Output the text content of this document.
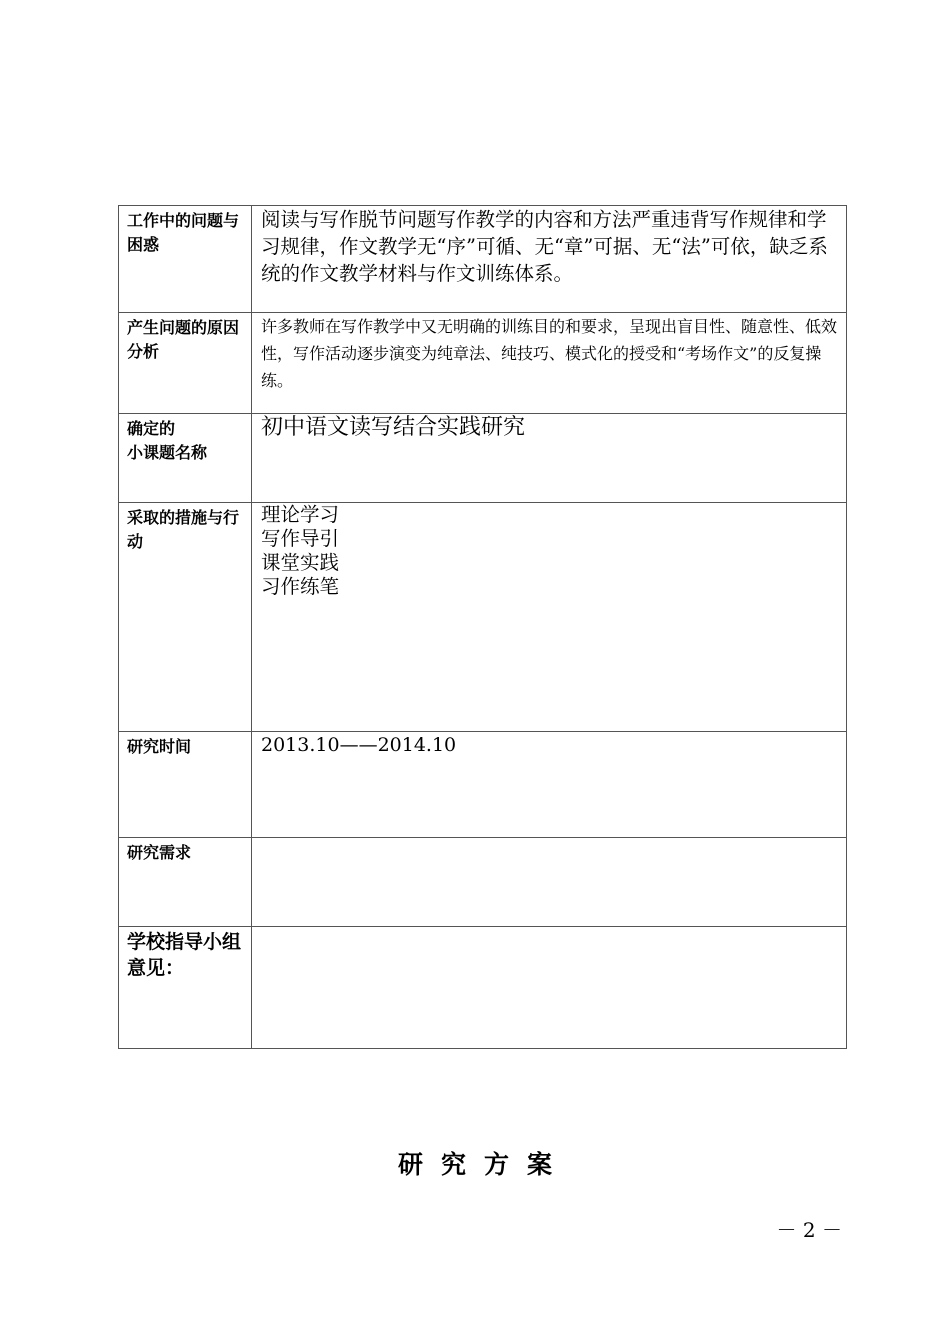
工作中的问题与困惑	阅读与写作脱节问题写作教学的内容和方法严重违背写作规律和学习规律，作文教学无“序”可循、无“章”可据、无“法”可依，缺乏系统的作文教学材料与作文训练体系。
产生问题的原因分析	许多教师在写作教学中又无明确的训练目的和要求，呈现出盲目性、随意性、低效性，写作活动逐步演变为纯章法、纯技巧、模式化的授受和“考场作文”的反复操练。

确定的
小课题名称	初中语文读写结合实践研究
采取的措施与行动	理论学习
写作导引
课堂实践
习作练笔

研究时间	2013.10——2014.10
研究需求	
学校指导小组意见：	
研究方案
－ 2 －
